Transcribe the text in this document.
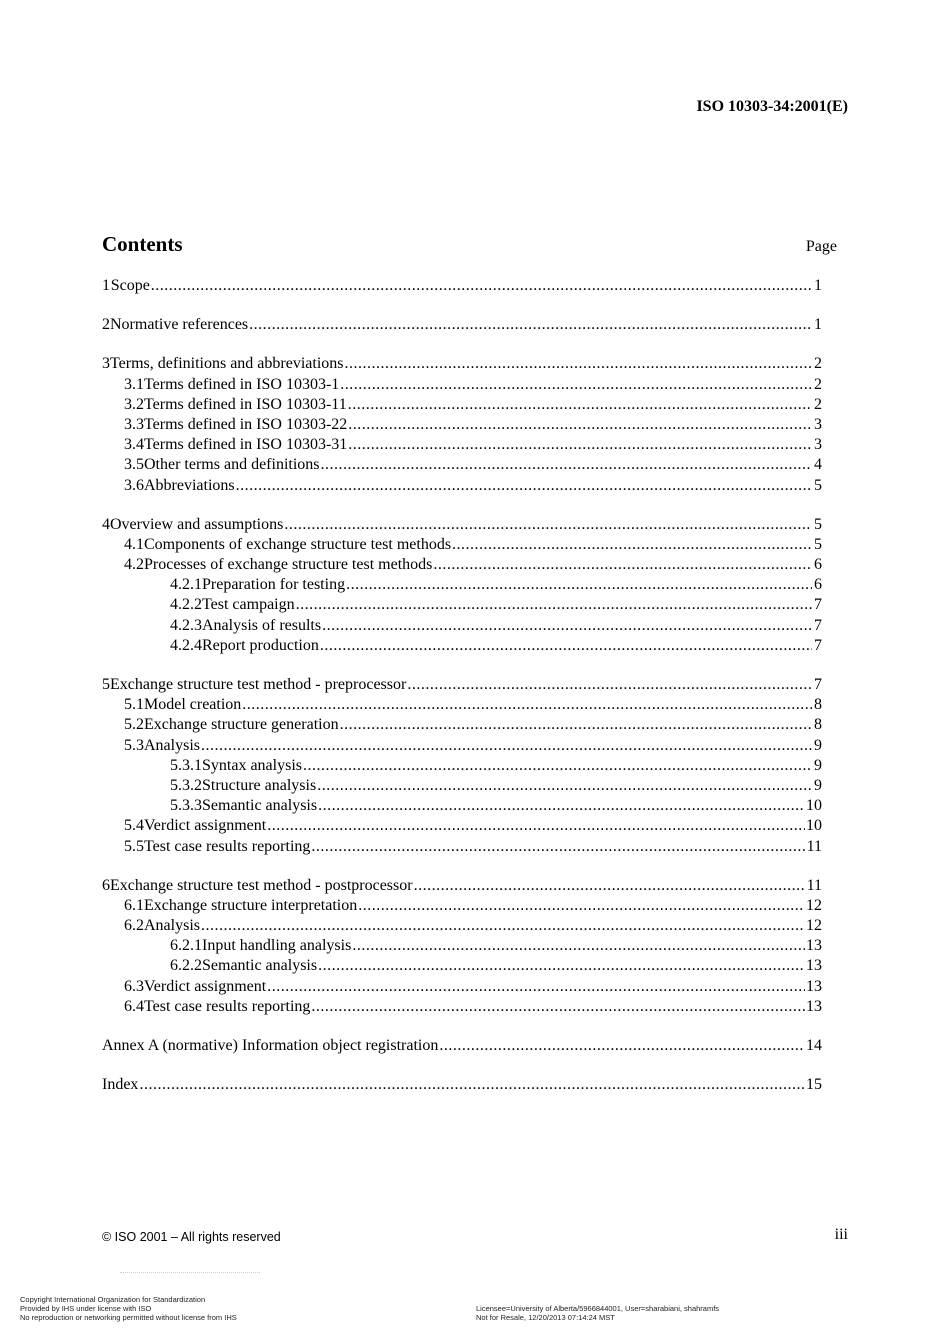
ISO 10303-34:2001(E)
Contents	Page
1 Scope .....	1
2 Normative references .....	1
3 Terms, definitions and abbreviations .....	2
3.1 Terms defined in ISO 10303-1 .....	2
3.2 Terms defined in ISO 10303-11 .....	2
3.3 Terms defined in ISO 10303-22 .....	3
3.4 Terms defined in ISO 10303-31 .....	3
3.5 Other terms and definitions .....	4
3.6 Abbreviations .....	5
4 Overview and assumptions .....	5
4.1 Components of exchange structure test methods .....	5
4.2 Processes of exchange structure test methods .....	6
4.2.1 Preparation for testing .....	6
4.2.2 Test campaign .....	7
4.2.3 Analysis of results .....	7
4.2.4 Report production .....	7
5 Exchange structure test method - preprocessor .....	7
5.1 Model creation .....	8
5.2 Exchange structure generation .....	8
5.3 Analysis .....	9
5.3.1 Syntax analysis .....	9
5.3.2 Structure analysis .....	9
5.3.3 Semantic analysis .....	10
5.4 Verdict assignment .....	10
5.5 Test case results reporting .....	11
6 Exchange structure test method - postprocessor .....	11
6.1 Exchange structure interpretation .....	12
6.2 Analysis .....	12
6.2.1 Input handling analysis .....	13
6.2.2 Semantic analysis .....	13
6.3 Verdict assignment .....	13
6.4 Test case results reporting .....	13
Annex A (normative) Information object registration .....	14
Index .....	15
© ISO 2001 – All rights reserved	iii
Copyright International Organization for Standardization
Provided by IHS under license with ISO
No reproduction or networking permitted without license from IHS
Licensee=University of Alberta/5966844001, User=sharabiani, shahramfs
Not for Resale, 12/20/2013 07:14:24 MST
